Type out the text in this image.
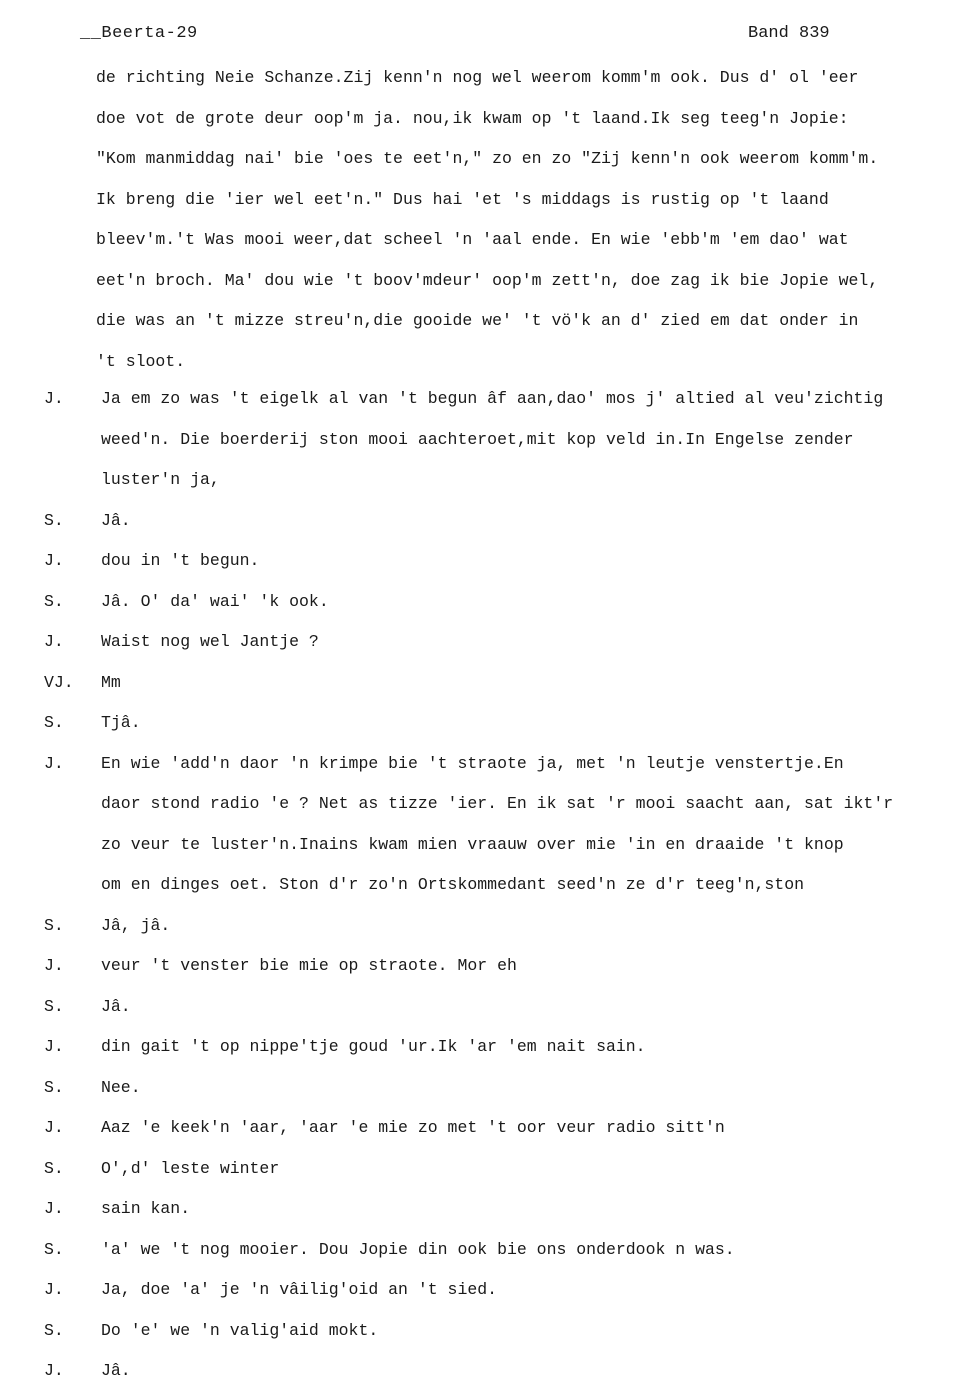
__Beerta-29	Band 839
de richting Neie Schanze.Zij kenn'n nog wel weerom komm'm ook. Dus d' ol 'eer
doe vot de grote deur oop'm ja. nou,ik kwam op 't laand.Ik seg teeg'n Jopie:
"Kom manmiddag nai' bie 'oes te eet'n," zo en zo "Zij kenn'n ook weerom komm'm.
Ik breng die 'ier wel eet'n." Dus hai 'et 's middags is rustig op 't laand
bleev'm.'t Was mooi weer,dat scheel 'n 'aal ende. En wie 'ebb'm 'em dao' wat
eet'n broch. Ma' dou wie 't boov'mdeur' oop'm zett'n, doe zag ik bie Jopie wel,
die was an 't mizze streu'n,die gooide we' 't vö'k an d' zied em dat onder in
't sloot.
J.	Ja em zo was 't eigelk al van 't begun âf aan,dao' mos j' altied al veu'zichtig
weed'n. Die boerderij ston mooi aachteroet,mit kop veld in.In Engelse zender
luster'n ja,
S.	Jâ.
J.	dou in 't begun.
S.	Jâ. O' da' wai' 'k ook.
J.	Waist nog wel Jantje ?
VJ.	Mm
S.	Tjâ.
J.	En wie 'add'n daor 'n krimpe bie 't straote ja, met 'n leutje venstertje.En
daor stond radio 'e ? Net as tizze 'ier. En ik sat 'r mooi saacht aan, sat ikt'r
zo veur te luster'n.Inains kwam mien vraauw over mie 'in en draaide 't knop
om en dinges oet. Ston d'r zo'n Ortskommedant seed'n ze d'r teeg'n,ston
S.	Jâ, jâ.
J.	veur 't venster bie mie op straote. Mor eh
S.	Jâ.
J.	din gait 't op nippe'tje goud 'ur.Ik 'ar 'em nait sain.
S.	Nee.
J.	Aaz 'e keek'n 'aar, 'aar 'e mie zo met 't oor veur radio sitt'n
S.	O',d' leste winter
J.	sain kan.
S.	'a' we 't nog mooier. Dou Jopie din ook bie ons onderdook n was.
J.	Ja, doe 'a' je 'n vâilig'oid an 't sied.
S.	Do 'e' we 'n valig'aid mokt.
J.	Jâ.
